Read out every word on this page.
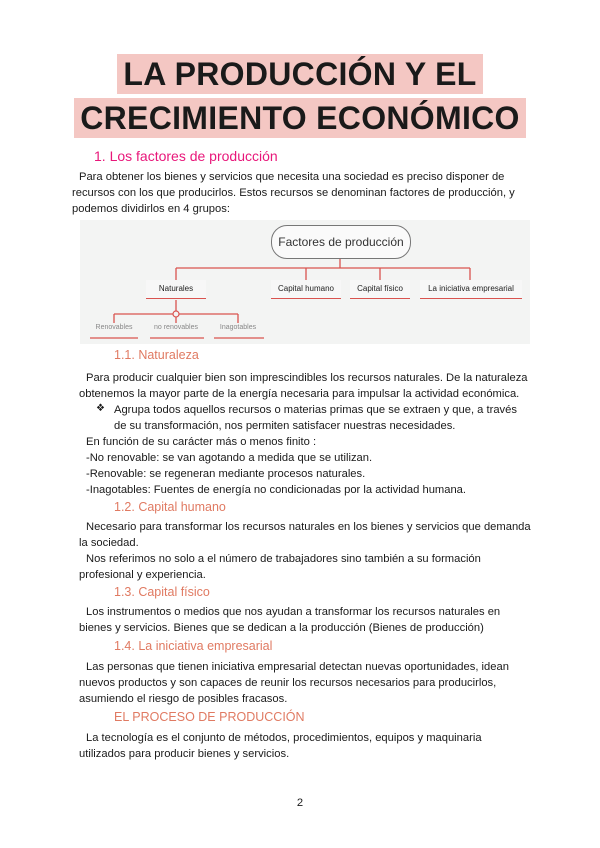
LA PRODUCCIÓN Y EL
CRECIMIENTO ECONÓMICO
1. Los factores de producción
Para obtener los bienes y servicios que necesita una sociedad es preciso disponer de
recursos con los que producirlos. Estos recursos se denominan factores de producción, y
podemos dividirlos en 4 grupos:
Factores de producción
Naturales	Capital humano	Capital físico	La iniciativa empresarial
Renovables	no renovables	Inagotables
1.1. Naturaleza
Para producir cualquier bien son imprescindibles los recursos naturales. De la naturaleza
obtenemos la mayor parte de la energía necesaria para impulsar la actividad económica.
❖ Agrupa todos aquellos recursos o materias primas que se extraen y que, a través
de su transformación, nos permiten satisfacer nuestras necesidades.
En función de su carácter más o menos finito :
-No renovable: se van agotando a medida que se utilizan.
-Renovable: se regeneran mediante procesos naturales.
-Inagotables: Fuentes de energía no condicionadas por la actividad humana.
1.2. Capital humano
Necesario para transformar los recursos naturales en los bienes y servicios que demanda
la sociedad.
Nos referimos no solo a el número de trabajadores sino también a su formación
profesional y experiencia.
1.3. Capital físico
Los instrumentos o medios que nos ayudan a transformar los recursos naturales en
bienes y servicios. Bienes que se dedican a la producción (Bienes de producción)
1.4. La iniciativa empresarial
Las personas que tienen iniciativa empresarial detectan nuevas oportunidades, idean
nuevos productos y son capaces de reunir los recursos necesarios para producirlos,
asumiendo el riesgo de posibles fracasos.
EL PROCESO DE PRODUCCIÓN
La tecnología es el conjunto de métodos, procedimientos, equipos y maquinaria
utilizados para producir bienes y servicios.
2
